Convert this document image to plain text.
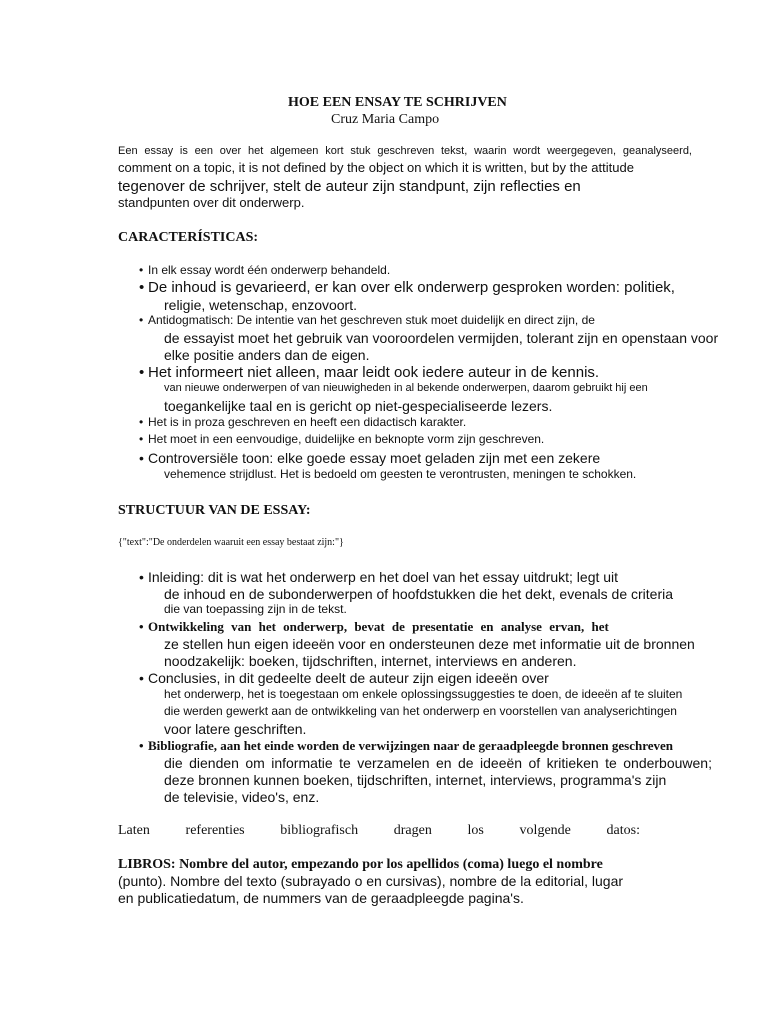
HOE EEN ENSAY TE SCHRIJVEN
Cruz Maria Campo
Een essay is een over het algemeen kort stuk geschreven tekst, waarin wordt weergegeven, geanalyseerd,
comment on a topic, it is not defined by the object on which it is written, but by the attitude
tegenover de schrijver, stelt de auteur zijn standpunt, zijn reflecties en
standpunten over dit onderwerp.
CARACTERÍSTICAS:
• In elk essay wordt één onderwerp behandeld.
• De inhoud is gevarieerd, er kan over elk onderwerp gesproken worden: politiek,
religie, wetenschap, enzovoort.
• Antidogmatisch: De intentie van het geschreven stuk moet duidelijk en direct zijn, de
de essayist moet het gebruik van vooroordelen vermijden, tolerant zijn en openstaan voor
elke positie anders dan de eigen.
• Het informeert niet alleen, maar leidt ook iedere auteur in de kennis.
van nieuwe onderwerpen of van nieuwigheden in al bekende onderwerpen, daarom gebruikt hij een
toegankelijke taal en is gericht op niet-gespecialiseerde lezers.
• Het is in proza geschreven en heeft een didactisch karakter.
• Het moet in een eenvoudige, duidelijke en beknopte vorm zijn geschreven.
• Controversiële toon: elke goede essay moet geladen zijn met een zekere
vehemence strijdlust. Het is bedoeld om geesten te verontrusten, meningen te schokken.
STRUCTUUR VAN DE ESSAY:
{"text":"De onderdelen waaruit een essay bestaat zijn:"}
• Inleiding: dit is wat het onderwerp en het doel van het essay uitdrukt; legt uit
de inhoud en de subonderwerpen of hoofdstukken die het dekt, evenals de criteria
die van toepassing zijn in de tekst.
• Ontwikkeling van het onderwerp, bevat de presentatie en analyse ervan, het
ze stellen hun eigen ideeën voor en ondersteunen deze met informatie uit de bronnen
noodzakelijk: boeken, tijdschriften, internet, interviews en anderen.
• Conclusies, in dit gedeelte deelt de auteur zijn eigen ideeën over
het onderwerp, het is toegestaan om enkele oplossingssuggesties te doen, de ideeën af te sluiten
die werden gewerkt aan de ontwikkeling van het onderwerp en voorstellen van analyserichtingen
voor latere geschriften.
• Bibliografie, aan het einde worden de verwijzingen naar de geraadpleegde bronnen geschreven
die dienden om informatie te verzamelen en de ideeën of kritieken te onderbouwen;
deze bronnen kunnen boeken, tijdschriften, internet, interviews, programma's zijn
de televisie, video's, enz.
Laten referenties bibliografisch dragen los volgende datos:
LIBROS: Nombre del autor, empezando por los apellidos (coma) luego el nombre
(punto). Nombre del texto (subrayado o en cursivas), nombre de la editorial, lugar
en publicatiedatum, de nummers van de geraadpleegde pagina's.
